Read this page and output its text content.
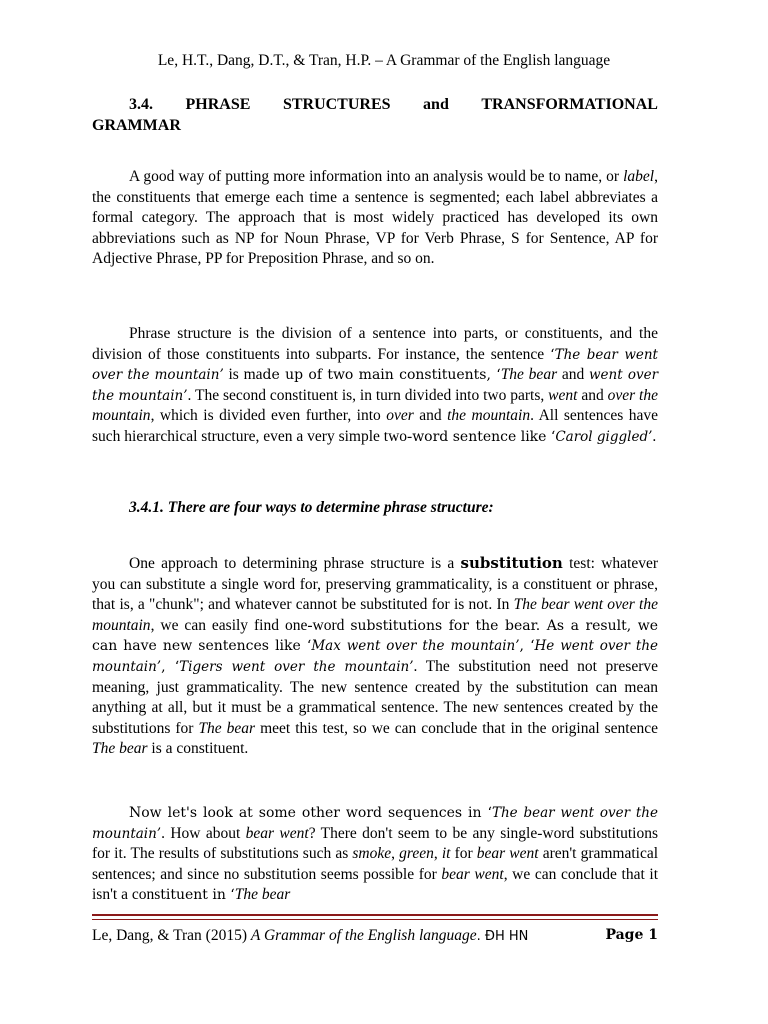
Le, H.T., Dang, D.T., & Tran, H.P. – A Grammar of the English language
3.4. PHRASE STRUCTURES and TRANSFORMATIONAL
GRAMMAR

A good way of putting more information into an analysis would be to name, or label, the constituents that emerge each time a sentence is segmented; each label abbreviates a formal category. The approach that is most widely practiced has developed its own abbreviations such as NP for Noun Phrase, VP for Verb Phrase, S for Sentence, AP for Adjective Phrase, PP for Preposition Phrase, and so on.

Phrase structure is the division of a sentence into parts, or constituents, and the division of those constituents into subparts. For instance, the sentence ‘The bear went over the mountain’ is made up of two main constituents, ‘The bear and went over the mountain’. The second constituent is, in turn divided into two parts, went and over the mountain, which is divided even further, into over and the mountain. All sentences have such hierarchical structure, even a very simple two-word sentence like ‘Carol giggled’.

3.4.1. There are four ways to determine phrase structure:

One approach to determining phrase structure is a substitution test: whatever you can substitute a single word for, preserving grammaticality, is a constituent or phrase, that is, a "chunk"; and whatever cannot be substituted for is not. In The bear went over the mountain, we can easily find one-word substitutions for the bear. As a result, we can have new sentences like ‘Max went over the mountain’, ‘He went over the mountain’, ‘Tigers went over the mountain’. The substitution need not preserve meaning, just grammaticality. The new sentence created by the substitution can mean anything at all, but it must be a grammatical sentence. The new sentences created by the substitutions for The bear meet this test, so we can conclude that in the original sentence The bear is a constituent.

Now let's look at some other word sequences in ‘The bear went over the mountain’. How about bear went? There don't seem to be any single-word substitutions for it. The results of substitutions such as smoke, green, it for bear went aren't grammatical sentences; and since no substitution seems possible for bear went, we can conclude that it isn't a constituent in ‘The bear

Le, Dang, & Tran (2015) A Grammar of the English language. ĐH HN	Page 1
